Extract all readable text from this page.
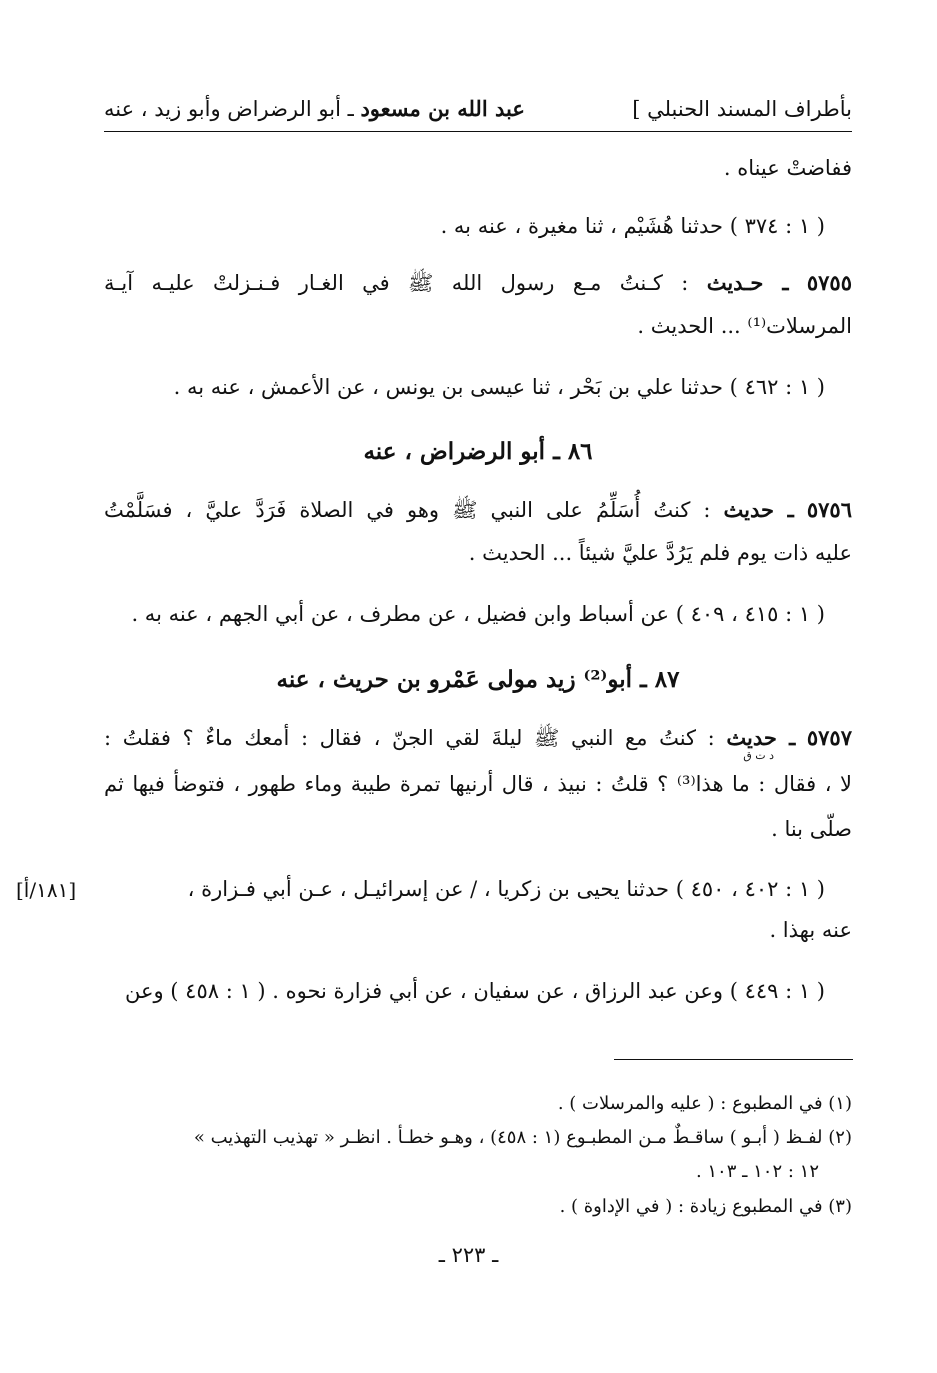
بأطراف المسند الحنبلي ]
عبد الله بن مسعود ـ أبو الرضراض وأبو زيد ، عنه
ففاضتْ عيناه .
( ١ : ٣٧٤ ) حدثنا هُشَيْم ، ثنا مغيرة ، عنه به .
٥٧٥٥ ـ حـديث : كـنتُ مـع رسول الله ﷺ في الغـار فـنـزلتْ عليـه آيـة
المرسلات⁽¹⁾ ... الحديث .
( ١ : ٤٦٢ ) حدثنا علي بن بَحْر ، ثنا عيسى بن يونس ، عن الأعمش ، عنه به .
٨٦ ـ أبو الرضراض ، عنه
٥٧٥٦ ـ حديث : كنتُ أُسَلِّمُ على النبي ﷺ وهو في الصلاة فَرَدَّ عليَّ ، فسَلَّمْتُ
عليه ذات يوم فلم يَرُدَّ عليَّ شيئاً ... الحديث .
( ١ : ٤١٥ ، ٤٠٩ ) عن أسباط وابن فضيل ، عن مطرف ، عن أبي الجهم ، عنه به .
٨٧ ـ أبو⁽²⁾ زيد مولى عَمْرو بن حريث ، عنه
٥٧٥٧ ـ حديث : كنتُ مع النبي ﷺ ليلةَ لقي الجنّ ، فقال : أمعك ماءٌ ؟ فقلتُ :
د ت ق
لا ، فقال : ما هذا⁽³⁾ ؟ قلتُ : نبيذ ، قال أرنيها تمرة طيبة وماء طهور ، فتوضأ فيها ثم
صلّى بنا .
( ١ : ٤٠٢ ، ٤٥٠ ) حدثنا يحيى بن زكريا ، / عن إسرائيـل ، عـن أبي فـزارة ،
[١٨١/أ]
عنه بهذا .
( ١ : ٤٤٩ ) وعن عبد الرزاق ، عن سفيان ، عن أبي فزارة نحوه . ( ١ : ٤٥٨ ) وعن
(١) في المطبوع : ( عليه والمرسلات ) .
(٢) لفـظ ( أبـو ) ساقـطٌ مـن المطبـوع (١ : ٤٥٨) ، وهـو خطـأ . انظـر « تهذيب التهذيب »
١٢ : ١٠٢ ـ ١٠٣ .
(٣) في المطبوع زيادة : ( في الإداوة ) .
ـ ٢٢٣ ـ
